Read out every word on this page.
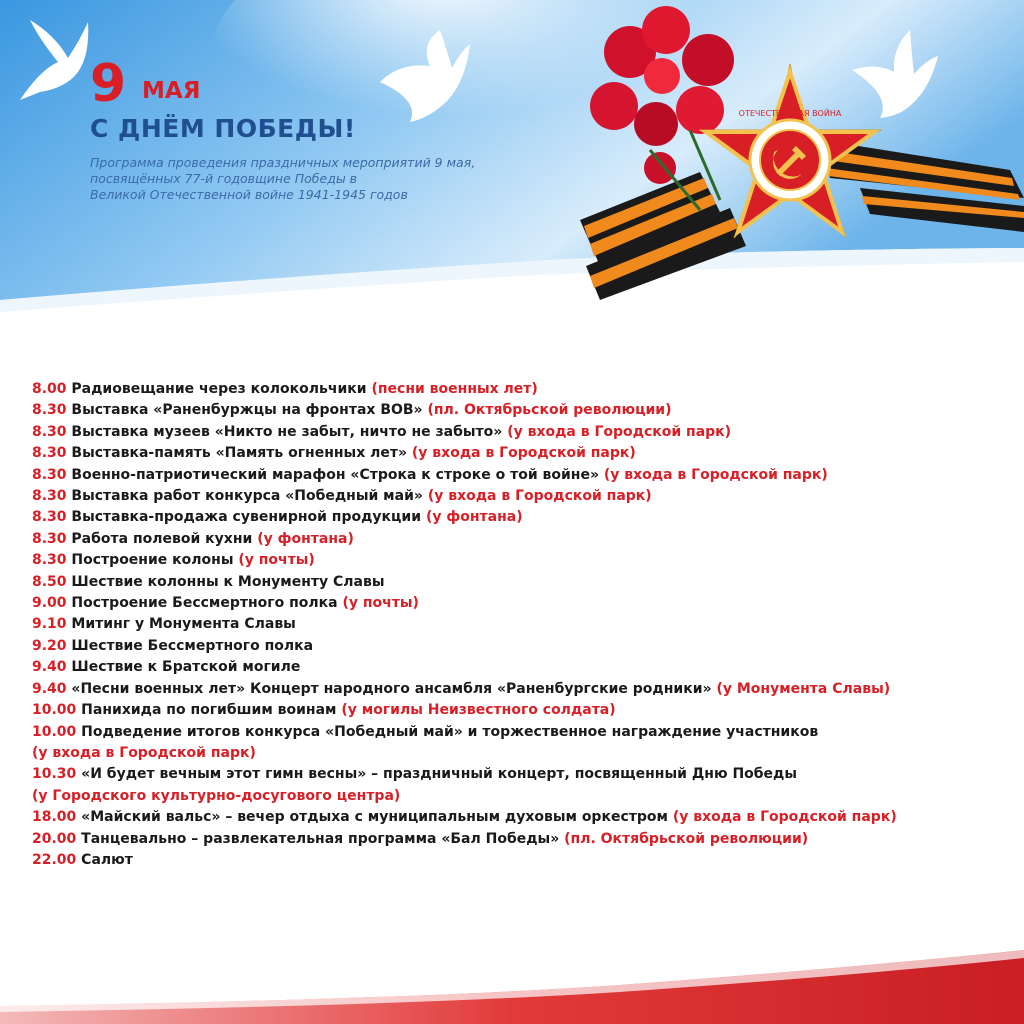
ОТЕЧЕСТВЕННАЯ ВОЙНА
9 МАЯ
С ДНЁМ ПОБЕДЫ!
Программа проведения праздничных мероприятий 9 мая,
посвящённых 77-й годовщине Победы в
Великой Отечественной войне 1941-1945 годов
8.00 Радиовещание через колокольчики (песни военных лет)
8.30 Выставка «Раненбуржцы на фронтах ВОВ» (пл. Октябрьской революции)
8.30 Выставка музеев «Никто не забыт, ничто не забыто» (у входа в Городской парк)
8.30 Выставка-память «Память огненных лет» (у входа в Городской парк)
8.30 Военно-патриотический марафон «Строка к строке о той войне» (у входа в Городской парк)
8.30 Выставка работ конкурса «Победный май» (у входа в Городской парк)
8.30 Выставка-продажа сувенирной продукции (у фонтана)
8.30 Работа полевой кухни (у фонтана)
8.30 Построение колоны (у почты)
8.50 Шествие колонны к Монументу Славы
9.00 Построение Бессмертного полка (у почты)
9.10 Митинг у Монумента Славы
9.20 Шествие Бессмертного полка
9.40 Шествие к Братской могиле
9.40 «Песни военных лет» Концерт народного ансамбля «Раненбургские родники» (у Монумента Славы)
10.00 Панихида по погибшим воинам (у могилы Неизвестного солдата)
10.00 Подведение итогов конкурса «Победный май» и торжественное награждение участников
(у входа в Городской парк)
10.30 «И будет вечным этот гимн весны» – праздничный концерт, посвященный Дню Победы
(у Городского культурно-досугового центра)
18.00 «Майский вальс» – вечер отдыха с муниципальным духовым оркестром (у входа в Городской парк)
20.00 Танцевально – развлекательная программа «Бал Победы» (пл. Октябрьской революции)
22.00 Салют
